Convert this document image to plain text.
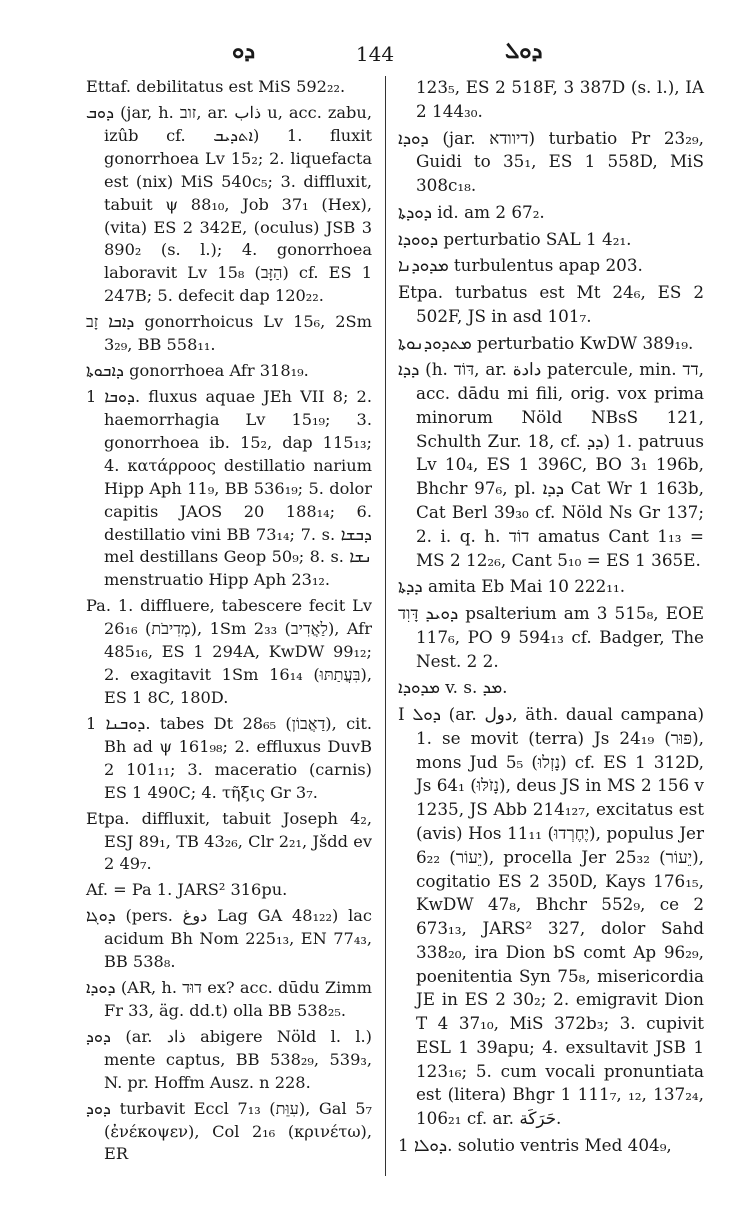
ܕܘ	144	ܕܘܠ

Ettaf. debilitatus est MiS 592₂₂.

ܕܘܒ (jar, h. זוב, ar. ذاب u, acc. zabu, izûb cf. ܐܬܕܝܒ) 1. fluxit gonorrhoea Lv 15₂; 2. liquefacta est (nix) MiS 540c₅; 3. diffluxit, tabuit ψ 88₁₀, Job 37₁ (Hex), (vita) ES 2 342E, (oculus) JSB 3 890₂ (s. l.); 4. gonorrhoea laboravit Lv 15₈ (הַזָּב) cf. ES 1 247B; 5. defecit dap 120₂₂.

ܕܐܒܐ זָב gonorrhoicus Lv 15₆, 2Sm 3₂₉, BB 558₁₁.

ܕܐܒܘܬܐ gonorrhoea Afr 318₁₉.

ܕܘܒܐ 1. fluxus aquae JEh VII 8; 2. haemorrhagia Lv 15₁₉; 3. gonorrhoea ib. 15₂, dap 115₁₃; 4. κατάρροος destillatio narium Hipp Aph 11₉, BB 536₁₉; 5. dolor capitis JAOS 20 188₁₄; 6. destillatio vini BB 73₁₄; 7. s. ܕܒܫܐ mel destillans Geop 50₉; 8. s. ܢܫܐ menstruatio Hipp Aph 23₁₂.

Pa. 1. diffluere, tabescere fecit Lv 26₁₆ (מְדִיבֹת), 1Sm 2₃₃ (לַאֲדִיב), Afr 485₁₆, ES 1 294A, KwDW 99₁₂; 2. exagitavit 1Sm 16₁₄ (בִּעֲתַתּוּ), ES 1 8C, 180D.

ܕܘܒܢܐ 1. tabes Dt 28₆₅ (דַאֲבוֹן), cit. Bh ad ψ 161₉₈; 2. effluxus DuvB 2 101₁₁; 3. maceratio (carnis) ES 1 490C; 4. τῆξις Gr 3₇.

Etpa. diffluxit, tabuit Joseph 4₂, ESJ 89₁, TB 43₂₆, Clr 2₂₁, Jšdd ev 2 49₇.

Af. = Pa 1. JARS² 316pu.

ܕܘܓܐ (pers. دوغ Lag GA 48₁₂₂) lac acidum Bh Nom 225₁₃, EN 77₄₃, BB 538₈.

ܕܘܕܐ (AR, h. דוּד ex? acc. dūdu Zimm Fr 33, äg. dd.t) olla BB 538₂₅.

ܕܘܕ (ar. ذاد abigere Nöld l. l.) mente captus, BB 538₂₉, 539₃, N. pr. Hoffm Ausz. n 228.

ܕܘܕ turbavit Eccl 7₁₃ (עִוֵּת), Gal 5₇ (ἐνέκοψεν), Col 2₁₆ (κρινέτω), ER

123₅, ES 2 518F, 3 387D (s. l.), IA 2 144₃₀.

ܕܘܕܐ (jar. דיוודא) turbatio Pr 23₂₉, Guidi to 35₁, ES 1 558D, MiS 308c₁₈.

ܕܘܕܬܐ id. am 2 67₂.

ܕܘܘܕܐ perturbatio SAL 1 4₂₁.

ܡܕܘܕܢܐ turbulentus apap 203.

Etpa. turbatus est Mt 24₆, ES 2 502F, JS in asd 101₇.

ܡܬܕܘܕܢܘܬܐ perturbatio KwDW 389₁₉.

ܕܕܐ (h. דּוֹד, ar. دادة patercule, min. דד, acc. dādu mi fili, orig. vox prima minorum Nöld NBsS 121, Schulth Zur. 18, cf. ܕܕ) 1. patruus Lv 10₄, ES 1 396C, BO 3₁ 196b, Bhchr 97₆, pl. ܕܕܐ Cat Wr 1 163b, Cat Berl 39₃₀ cf. Nöld Ns Gr 137; 2. i. q. h. דוֹד amatus Cant 1₁₃ = MS 2 12₂₆, Cant 5₁₀ = ES 1 365E.

ܕܕܬܐ amita Eb Mai 10 222₁₁.

ܕܘܝܕ דָּוִד psalterium am 3 515₈, EOE 117₆, PO 9 594₁₃ cf. Badger, The Nest. 2 2.

ܡܕܘܕܐ v. s. ܡܕ.

I ܕܘܠ (ar. دول, äth. daual campana) 1. se movit (terra) Js 24₁₉ (פּוּר), mons Jud 5₅ (נָזְלוּ) cf. ES 1 312D, Js 64₁ (נָזֹלּוּ), deus JS in MS 2 156 v 1235, JS Abb 214₁₂₇, excitatus est (avis) Hos 11₁₁ (יֶחֶרְדוּ), populus Jer 6₂₂ (יֵעוֹר), procella Jer 25₃₂ (יֵעוֹר), cogitatio ES 2 350D, Kays 176₁₅, KwDW 47₈, Bhchr 552₉, ce 2 673₁₃, JARS² 327, dolor Sahd 338₂₀, ira Dion bS comt Ap 96₂₉, poenitentia Syn 75₈, misericordia JE in ES 2 30₂; 2. emigravit Dion T 4 37₁₀, MiS 372b₃; 3. cupivit ESL 1 39apu; 4. exsultavit JSB 1 123₁₆; 5. cum vocali pronuntiata est (litera) Bhgr 1 111₇, ₁₂, 137₂₄, 106₂₁ cf. ar. حَرَكَة.

ܕܘܠܐ 1. solutio ventris Med 404₉,
